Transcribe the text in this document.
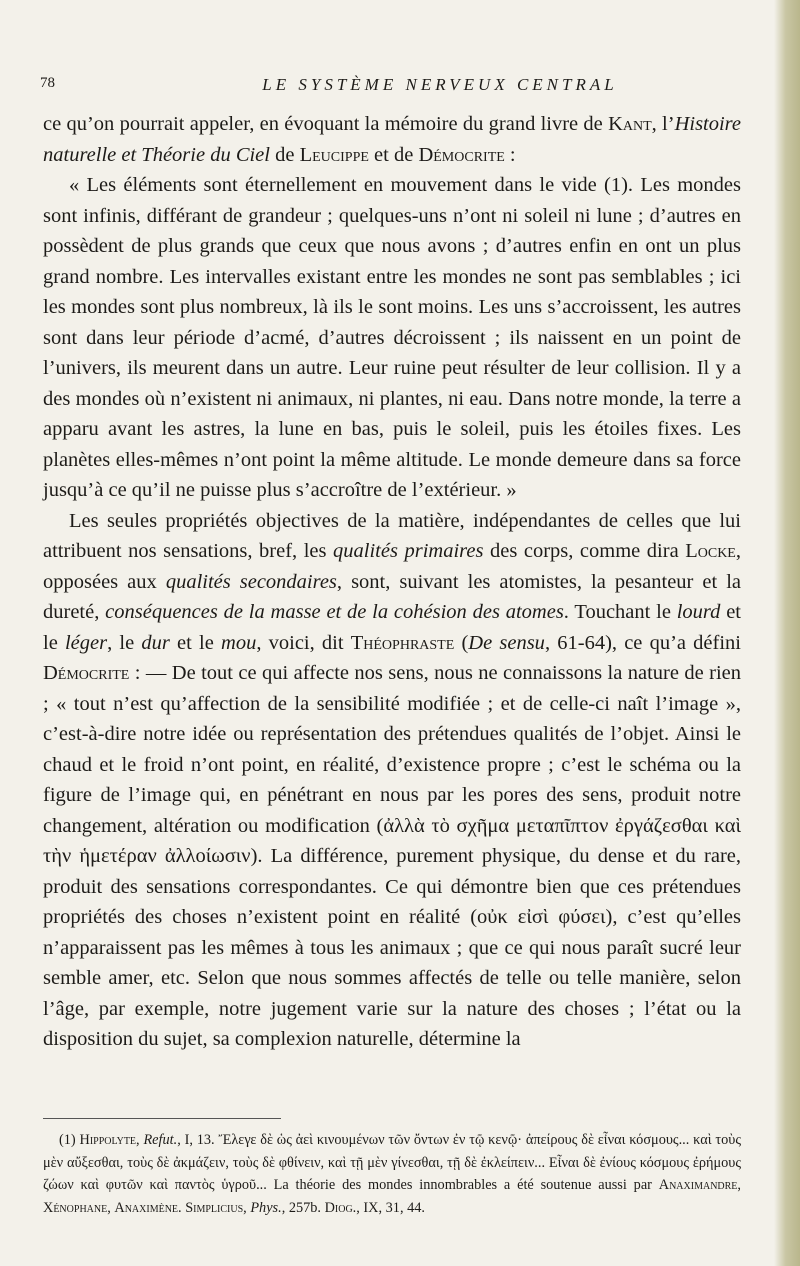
78	LE SYSTÈME NERVEUX CENTRAL

ce qu’on pourrait appeler, en évoquant la mémoire du grand livre de Kant, l’Histoire naturelle et Théorie du Ciel de Leucippe et de Démocrite :

« Les éléments sont éternellement en mouvement dans le vide (1). Les mondes sont infinis, différant de grandeur ; quelques-uns n’ont ni soleil ni lune ; d’autres en possèdent de plus grands que ceux que nous avons ; d’autres enfin en ont un plus grand nombre. Les intervalles existant entre les mondes ne sont pas semblables ; ici les mondes sont plus nombreux, là ils le sont moins. Les uns s’accroissent, les autres sont dans leur période d’acmé, d’autres décroissent ; ils naissent en un point de l’univers, ils meurent dans un autre. Leur ruine peut résulter de leur collision. Il y a des mondes où n’existent ni animaux, ni plantes, ni eau. Dans notre monde, la terre a apparu avant les astres, la lune en bas, puis le soleil, puis les étoiles fixes. Les planètes elles-mêmes n’ont point la même altitude. Le monde demeure dans sa force jusqu’à ce qu’il ne puisse plus s’accroître de l’extérieur. »

Les seules propriétés objectives de la matière, indépendantes de celles que lui attribuent nos sensations, bref, les qualités primaires des corps, comme dira Locke, opposées aux qualités secondaires, sont, suivant les atomistes, la pesanteur et la dureté, conséquences de la masse et de la cohésion des atomes. Touchant le lourd et le léger, le dur et le mou, voici, dit Théophraste (De sensu, 61-64), ce qu’a défini Démocrite : — De tout ce qui affecte nos sens, nous ne connaissons la nature de rien ; « tout n’est qu’affection de la sensibilité modifiée ; et de celle-ci naît l’image », c’est-à-dire notre idée ou représentation des prétendues qualités de l’objet. Ainsi le chaud et le froid n’ont point, en réalité, d’existence propre ; c’est le schéma ou la figure de l’image qui, en pénétrant en nous par les pores des sens, produit notre changement, altération ou modification (ἀλλὰ τὸ σχῆμα μεταπῖπτον ἐργάζεσθαι καὶ τὴν ἡμετέραν ἀλλοίωσιν). La différence, purement physique, du dense et du rare, produit des sensations correspondantes. Ce qui démontre bien que ces prétendues propriétés des choses n’existent point en réalité (οὐκ εἰσὶ φύσει), c’est qu’elles n’apparaissent pas les mêmes à tous les animaux ; que ce qui nous paraît sucré leur semble amer, etc. Selon que nous sommes affectés de telle ou telle manière, selon l’âge, par exemple, notre jugement varie sur la nature des choses ; l’état ou la disposition du sujet, sa complexion naturelle, détermine la

(1) Hippolyte, Refut., I, 13. Ἔλεγε δὲ ὡς ἀεὶ κινουμένων τῶν ὄντων ἐν τῷ κενῷ· ἀπείρους δὲ εἶναι κόσμους... καὶ τοὺς μὲν αὔξεσθαι, τοὺς δὲ ἀκμάζειν, τοὺς δὲ φθίνειν, καὶ τῇ μὲν γίνεσθαι, τῇ δὲ ἐκλείπειν... Εἶναι δὲ ἐνίους κόσμους ἐρήμους ζώων καὶ φυτῶν καὶ παντὸς ὑγροῦ... La théorie des mondes innombrables a été soutenue aussi par Anaximandre, Xénophane, Anaximène. Simplicius, Phys., 257b. Diog., IX, 31, 44.
